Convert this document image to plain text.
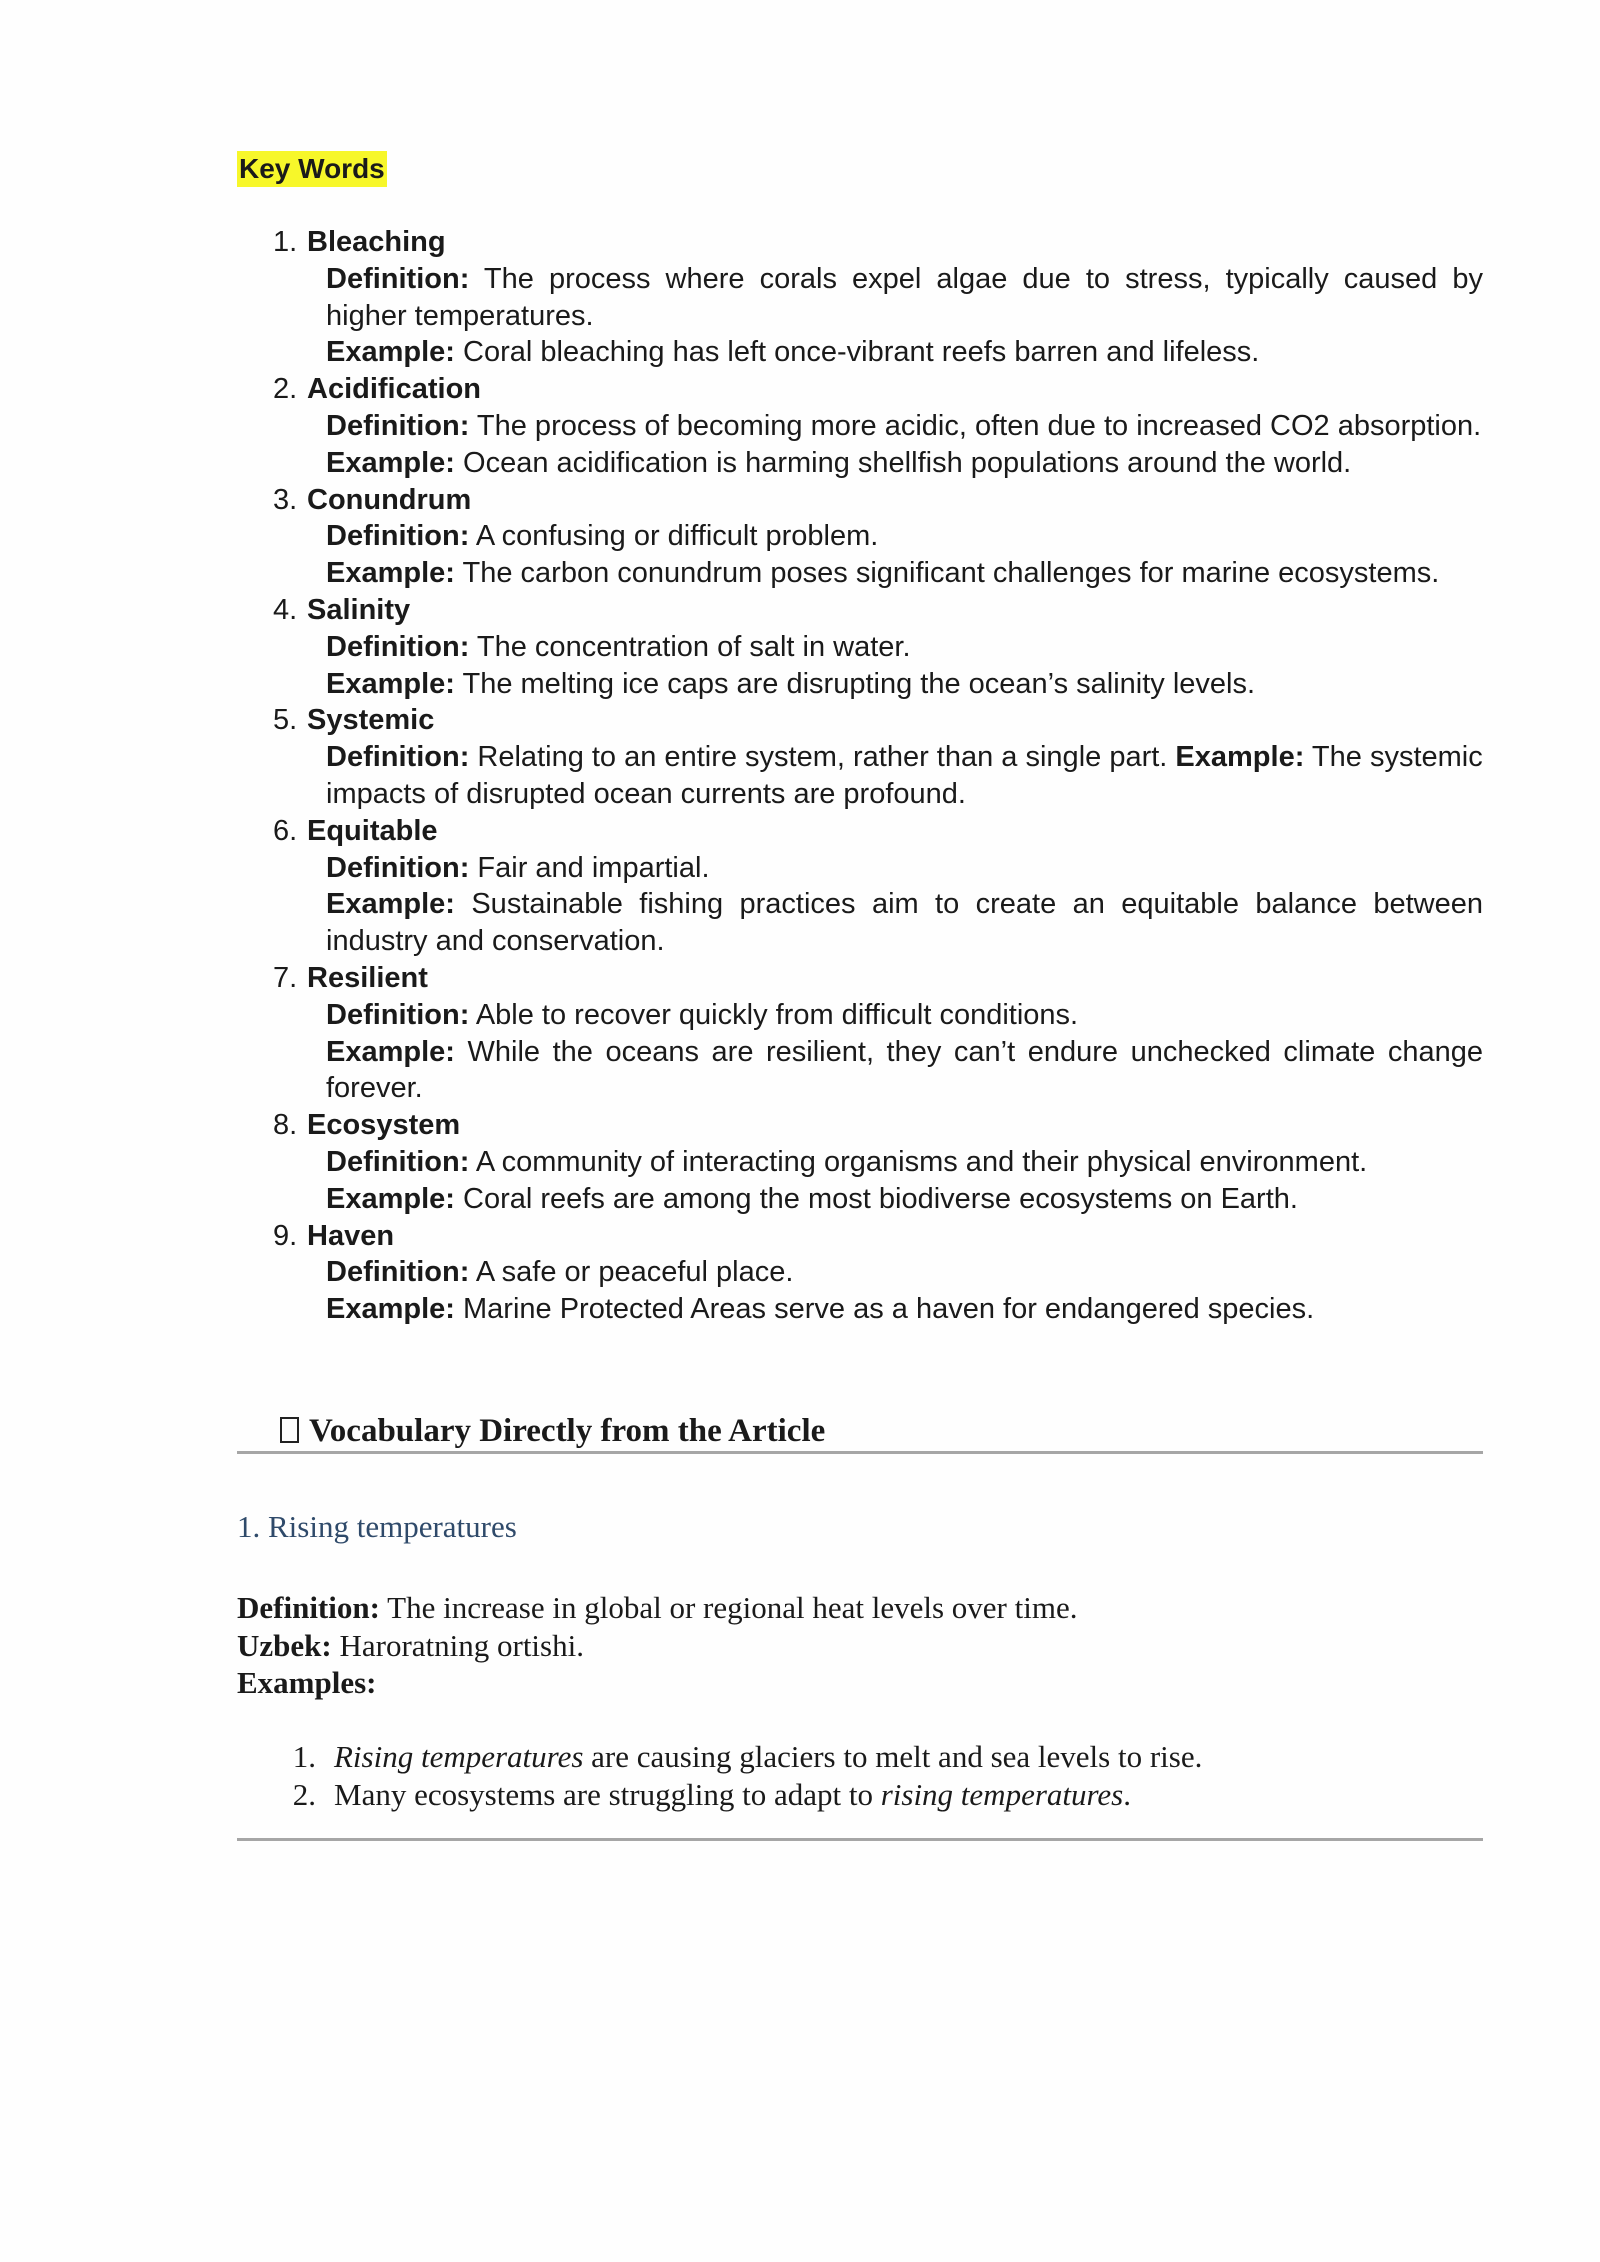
Key Words
1. Bleaching
Definition: The process where corals expel algae due to stress, typically caused by higher temperatures.
Example: Coral bleaching has left once-vibrant reefs barren and lifeless.
2. Acidification
Definition: The process of becoming more acidic, often due to increased CO2 absorption.
Example: Ocean acidification is harming shellfish populations around the world.
3. Conundrum
Definition: A confusing or difficult problem.
Example: The carbon conundrum poses significant challenges for marine ecosystems.
4. Salinity
Definition: The concentration of salt in water.
Example: The melting ice caps are disrupting the ocean’s salinity levels.
5. Systemic
Definition: Relating to an entire system, rather than a single part. Example: The systemic impacts of disrupted ocean currents are profound.
6. Equitable
Definition: Fair and impartial.
Example: Sustainable fishing practices aim to create an equitable balance between industry and conservation.
7. Resilient
Definition: Able to recover quickly from difficult conditions.
Example: While the oceans are resilient, they can’t endure unchecked climate change forever.
8. Ecosystem
Definition: A community of interacting organisms and their physical environment.
Example: Coral reefs are among the most biodiverse ecosystems on Earth.
9. Haven
Definition: A safe or peaceful place.
Example: Marine Protected Areas serve as a haven for endangered species.
Vocabulary Directly from the Article
1. Rising temperatures
Definition: The increase in global or regional heat levels over time.
Uzbek: Haroratning ortishi.
Examples:
1. Rising temperatures are causing glaciers to melt and sea levels to rise.
2. Many ecosystems are struggling to adapt to rising temperatures.
